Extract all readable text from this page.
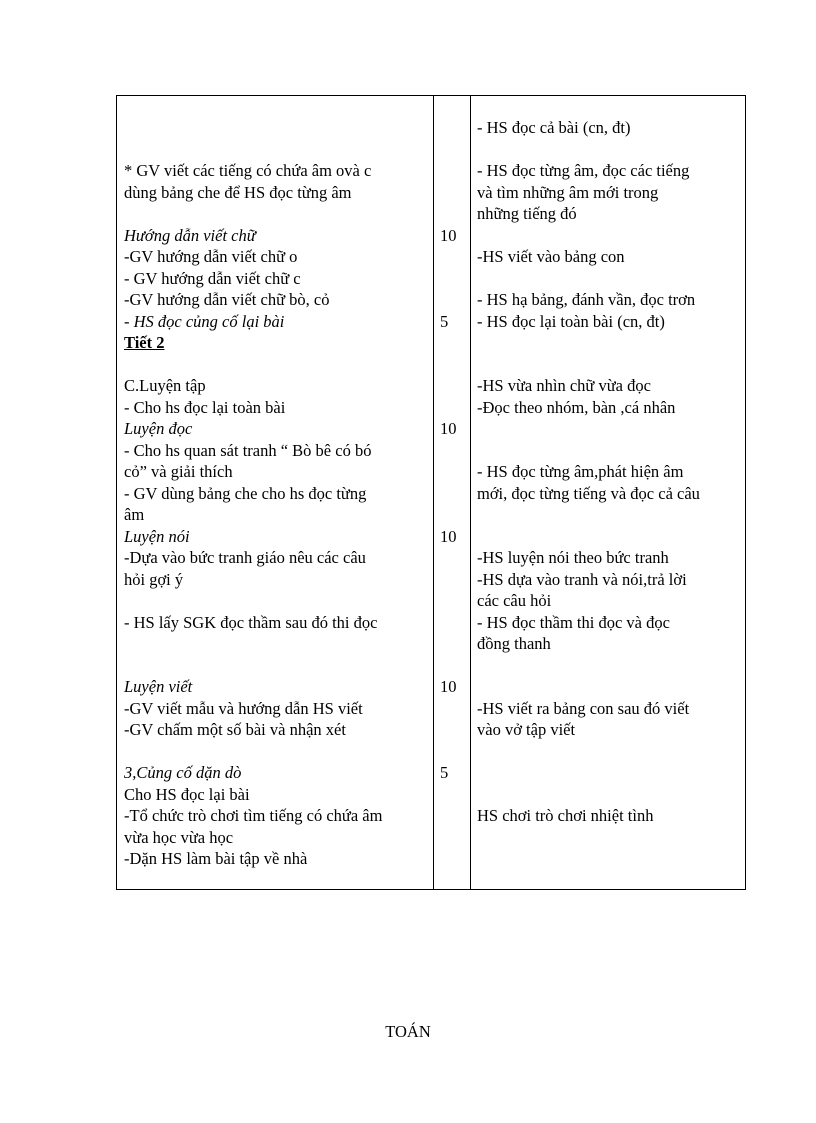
* GV viết các tiếng có chứa âm ovà c
dùng bảng che để HS đọc từng âm
Hướng dẫn viết chữ
-GV hướng dẫn viết chữ o
- GV hướng dẫn viết chữ c
-GV hướng dẫn viết chữ bò, cỏ
- HS đọc củng cố lại bài
Tiết 2
C.Luyện tập
- Cho hs đọc lại toàn bài
Luyện đọc
- Cho hs quan sát tranh “ Bò bê có bó
cỏ” và giải thích
- GV dùng bảng che cho hs đọc từng
âm
Luyện nói
-Dựa vào bức tranh giáo nêu các câu
hỏi gợi ý
- HS lấy SGK đọc thầm sau đó thi đọc
Luyện viết
-GV viết mẫu và hướng dẫn HS viết
-GV chấm một số bài và nhận xét
3,Củng cố dặn dò
Cho HS đọc lại bài
-Tổ chức trò chơi tìm tiếng có chứa âm
vừa học vừa học
-Dặn HS làm bài tập về nhà
10
5
10
10
10
5
- HS đọc cả bài (cn, đt)
- HS đọc từng âm, đọc các tiếng
và tìm những âm mới trong
những tiếng đó
-HS viết vào bảng con
- HS hạ bảng, đánh vần, đọc trơn
- HS đọc lại toàn bài (cn, đt)
-HS vừa nhìn chữ vừa đọc
-Đọc theo nhóm, bàn ,cá nhân
- HS đọc từng âm,phát hiện âm
mới, đọc từng tiếng và đọc cả câu
-HS luyện nói theo bức tranh
-HS dựa vào tranh và nói,trả lời
các câu hỏi
- HS đọc thầm thi đọc và đọc
đồng thanh
-HS viết ra bảng con sau đó viết
vào vở tập viết
HS chơi trò chơi nhiệt tình
TOÁN
